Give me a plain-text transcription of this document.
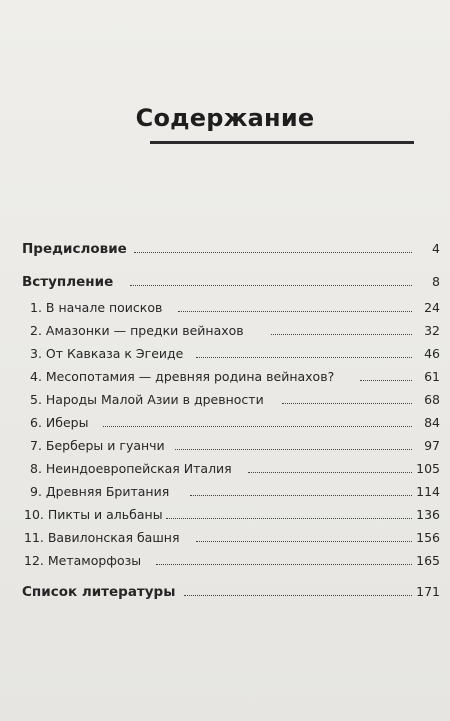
Содержание
Предисловие	4
Вступление	8
1. В начале поисков	24
2. Амазонки — предки вейнахов	32
3. От Кавказа к Эгеиде	46
4. Месопотамия — древняя родина вейнахов?	61
5. Народы Малой Азии в древности	68
6. Иберы	84
7. Берберы и гуанчи	97
8. Неиндоевропейская Италия	105
9. Древняя Британия	114
10. Пикты и альбаны	136
11. Вавилонская башня	156
12. Метаморфозы	165
Список литературы	171
